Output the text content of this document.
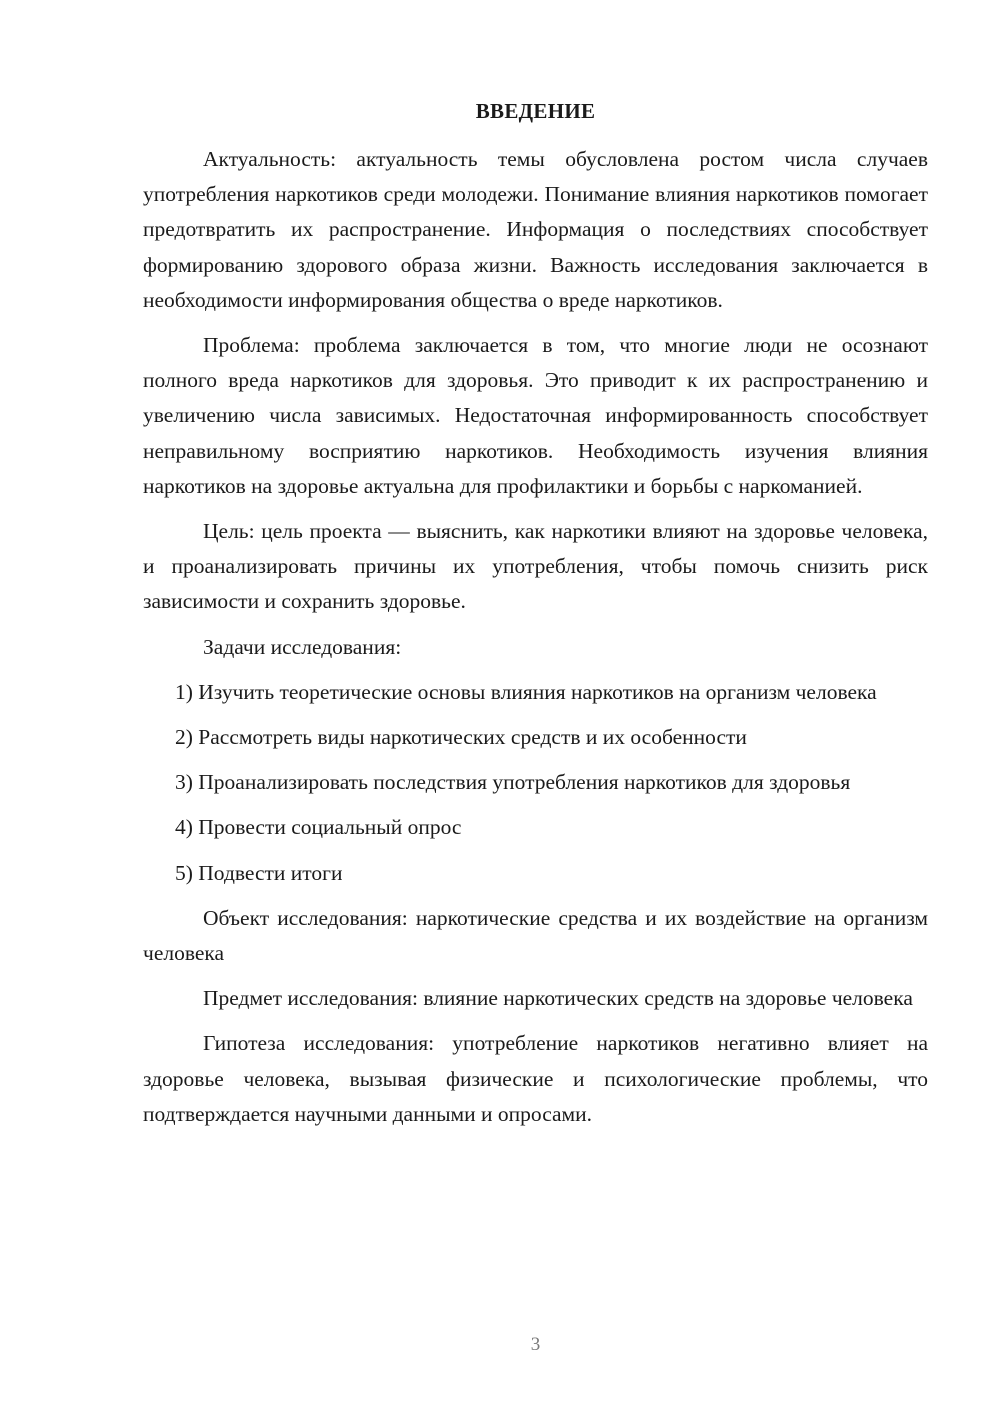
ВВЕДЕНИЕ

Актуальность: актуальность темы обусловлена ростом числа случаев употребления наркотиков среди молодежи. Понимание влияния наркотиков помогает предотвратить их распространение. Информация о последствиях способствует формированию здорового образа жизни. Важность исследования заключается в необходимости информирования общества о вреде наркотиков.

Проблема: проблема заключается в том, что многие люди не осознают полного вреда наркотиков для здоровья. Это приводит к их распространению и увеличению числа зависимых. Недостаточная информированность способствует неправильному восприятию наркотиков. Необходимость изучения влияния наркотиков на здоровье актуальна для профилактики и борьбы с наркоманией.

Цель: цель проекта — выяснить, как наркотики влияют на здоровье человека, и проанализировать причины их употребления, чтобы помочь снизить риск зависимости и сохранить здоровье.

Задачи исследования:

1) Изучить теоретические основы влияния наркотиков на организм человека

2) Рассмотреть виды наркотических средств и их особенности

3) Проанализировать последствия употребления наркотиков для здоровья

4) Провести социальный опрос

5) Подвести итоги

Объект исследования: наркотические средства и их воздействие на организм человека

Предмет исследования: влияние наркотических средств на здоровье человека

Гипотеза исследования: употребление наркотиков негативно влияет на здоровье человека, вызывая физические и психологические проблемы, что подтверждается научными данными и опросами.

3
